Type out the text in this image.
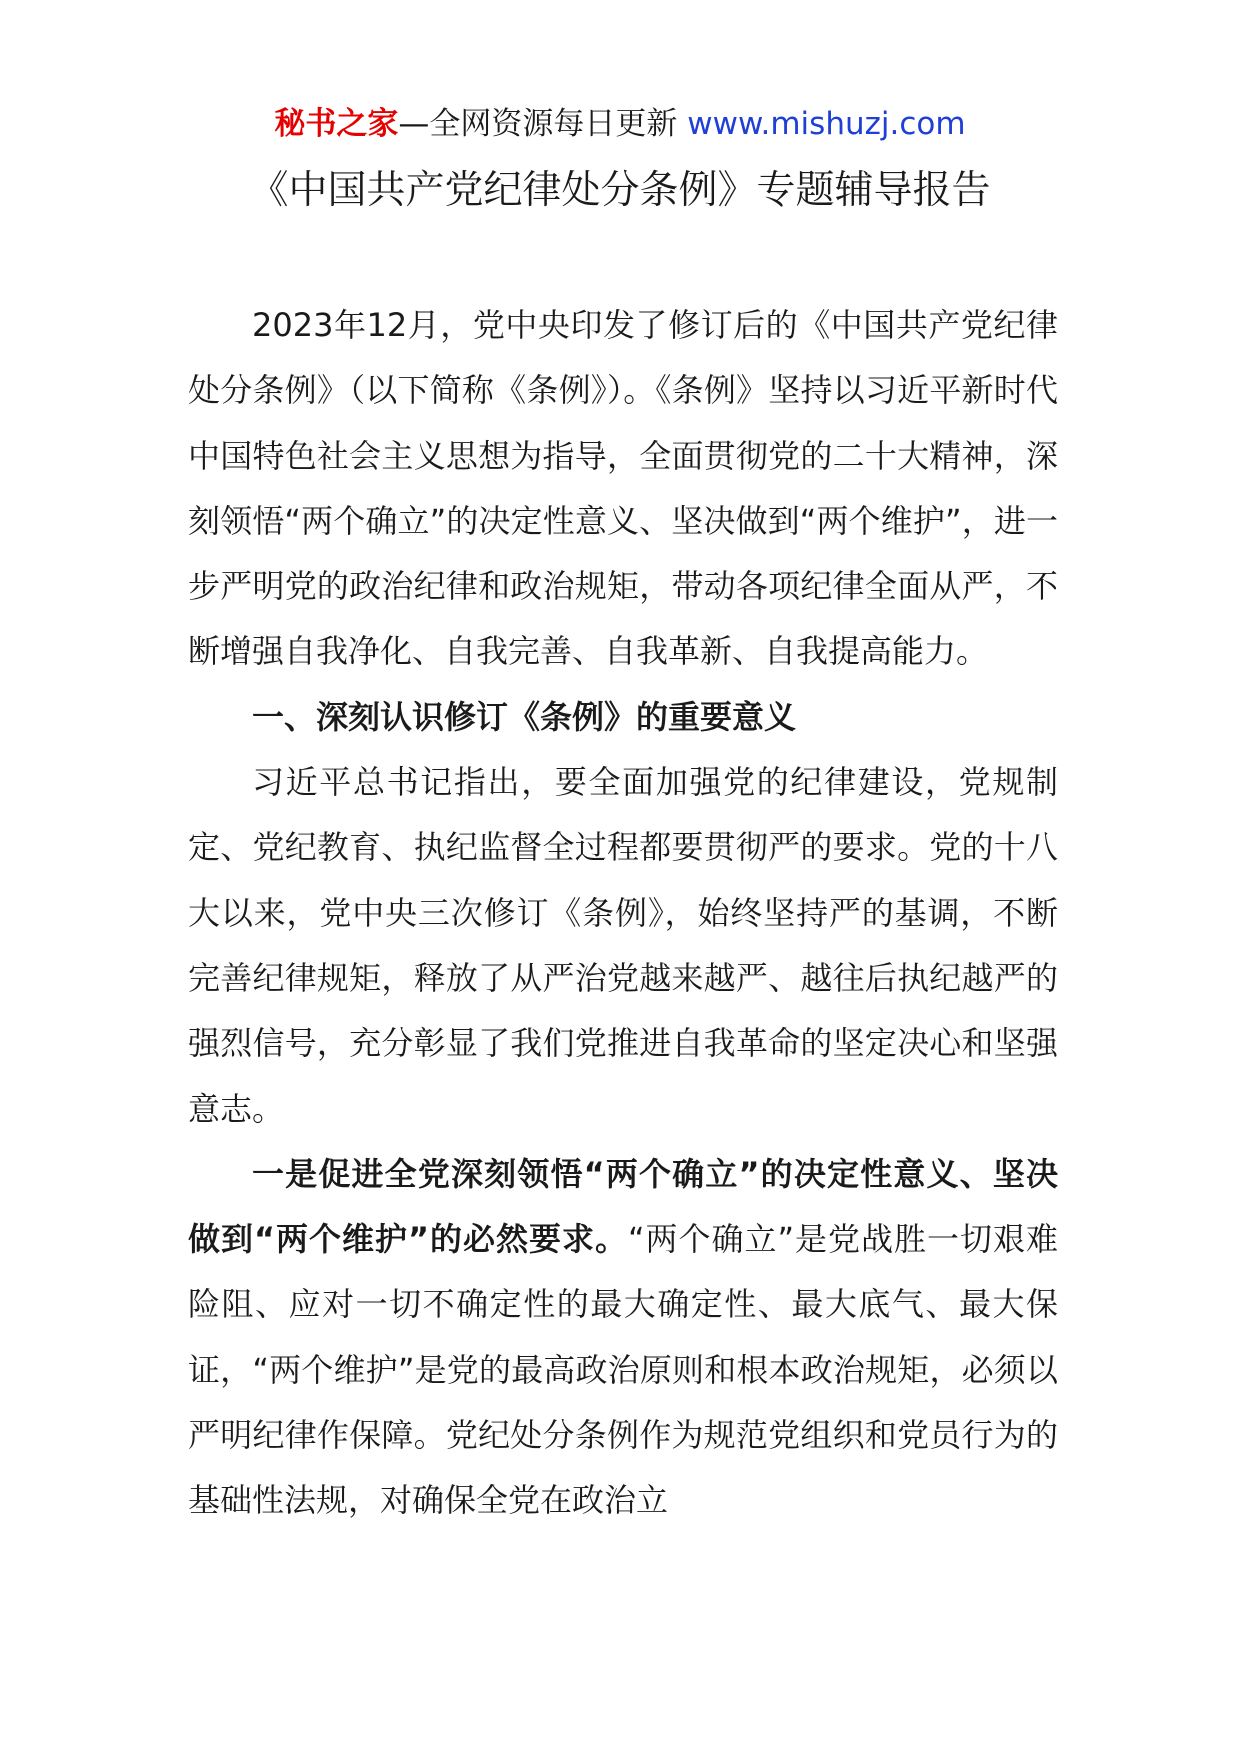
秘书之家—全网资源每日更新 www.mishuzj.com
《中国共产党纪律处分条例》专题辅导报告

2023年12月，党中央印发了修订后的《中国共产党纪律处分条例》（以下简称《条例》）。《条例》坚持以习近平新时代中国特色社会主义思想为指导，全面贯彻党的二十大精神，深刻领悟“两个确立”的决定性意义、坚决做到“两个维护”，进一步严明党的政治纪律和政治规矩，带动各项纪律全面从严，不断增强自我净化、自我完善、自我革新、自我提高能力。

一、深刻认识修订《条例》的重要意义

习近平总书记指出，要全面加强党的纪律建设，党规制定、党纪教育、执纪监督全过程都要贯彻严的要求。党的十八大以来，党中央三次修订《条例》，始终坚持严的基调，不断完善纪律规矩，释放了从严治党越来越严、越往后执纪越严的强烈信号，充分彰显了我们党推进自我革命的坚定决心和坚强意志。

一是促进全党深刻领悟“两个确立”的决定性意义、坚决做到“两个维护”的必然要求。“两个确立”是党战胜一切艰难险阻、应对一切不确定性的最大确定性、最大底气、最大保证，“两个维护”是党的最高政治原则和根本政治规矩，必须以严明纪律作保障。党纪处分条例作为规范党组织和党员行为的基础性法规，对确保全党在政治立
